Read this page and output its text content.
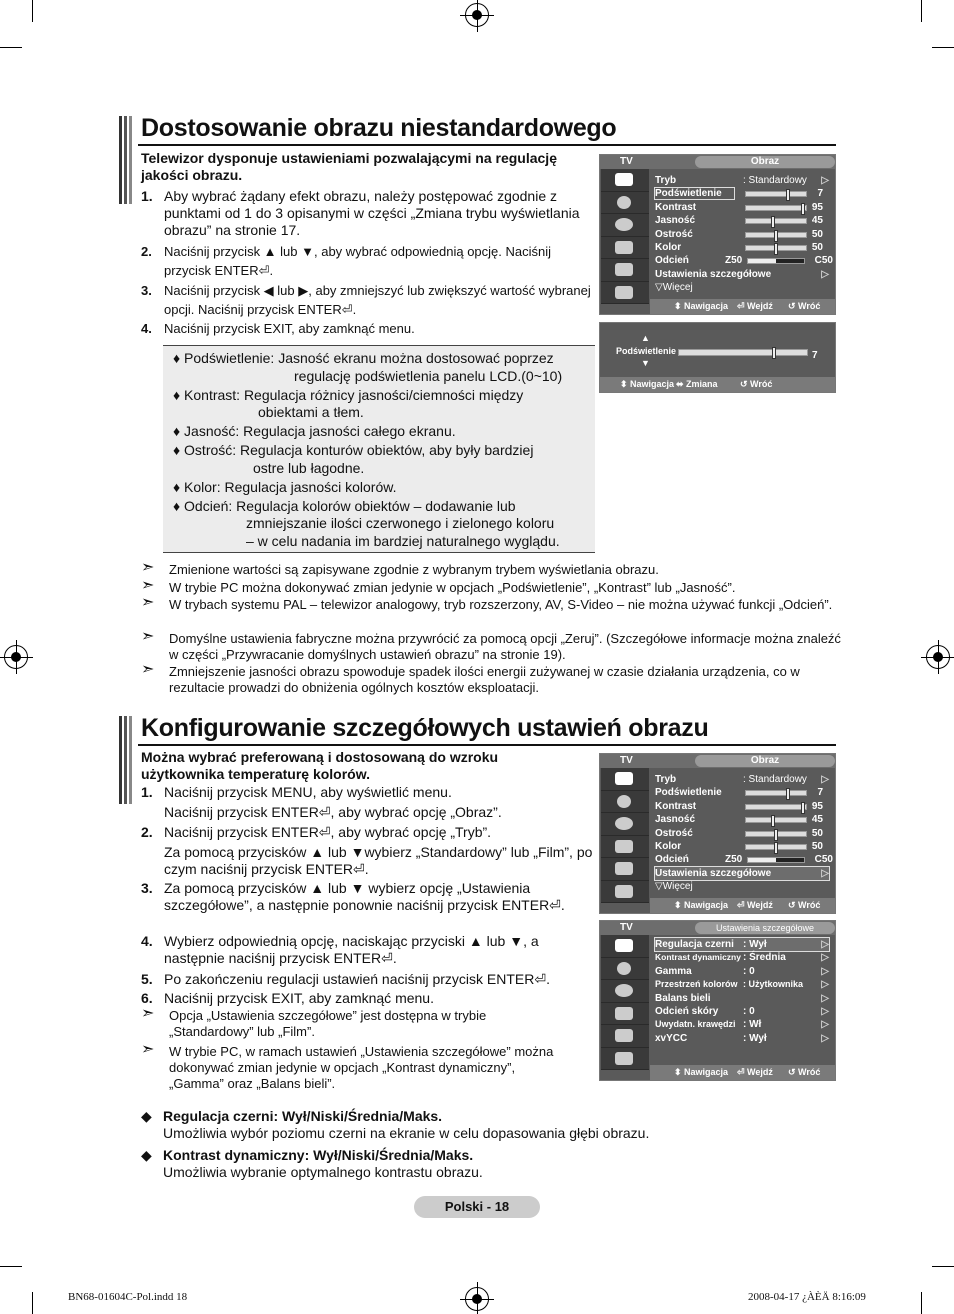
Dostosowanie obrazu niestandardowego
Telewizor dysponuje ustawieniami pozwalającymi na regulację jakości obrazu.
1. Aby wybrać żądany efekt obrazu, należy postępować zgodnie z punktami od 1 do 3 opisanymi w części „Zmiana trybu wyświetlania obrazu” na stronie 17.
2. Naciśnij przycisk ▲ lub ▼, aby wybrać odpowiednią opcję. Naciśnij przycisk ENTER⏎.
3. Naciśnij przycisk ◀ lub ▶, aby zmniejszyć lub zwiększyć wartość wybranej opcji. Naciśnij przycisk ENTER⏎.
4. Naciśnij przycisk EXIT, aby zamknąć menu.
♦ Podświetlenie: Jasność ekranu można dostosować poprzez
regulację podświetlenia panelu LCD.(0~10)
♦ Kontrast: Regulacja różnicy jasności/ciemności między
obiektami a tłem.
♦ Jasność: Regulacja jasności całego ekranu.
♦ Ostrość: Regulacja konturów obiektów, aby były bardziej
ostre lub łagodne.
♦ Kolor: Regulacja jasności kolorów.
♦ Odcień: Regulacja kolorów obiektów – dodawanie lub
zmniejszanie ilości czerwonego i zielonego koloru
– w celu nadania im bardziej naturalnego wyglądu.
➣ Zmienione wartości są zapisywane zgodnie z wybranym trybem wyświetlania obrazu.
➣ W trybie PC można dokonywać zmian jedynie w opcjach „Podświetlenie”, „Kontrast” lub „Jasność”.
➣ W trybach systemu PAL – telewizor analogowy, tryb rozszerzony, AV, S-Video – nie można używać funkcji „Odcień”.
➣ Domyślne ustawienia fabryczne można przywrócić za pomocą opcji „Zeruj”. (Szczegółowe informacje można znaleźć w części „Przywracanie domyślnych ustawień obrazu” na stronie 19).
➣ Zmniejszenie jasności obrazu spowoduje spadek ilości energii zużywanej w czasie działania urządzenia, co w rezultacie prowadzi do obniżenia ogólnych kosztów eksploatacji.
TV	Obraz
Tryb	: Standardowy ▷
Podświetlenie	7
Kontrast	95
Jasność	45
Ostrość	50
Kolor	50
Odcień	Z50	C50
Ustawienia szczegółowe	▷
▽Więcej
⬍ Nawigacja ⏎ Wejdź ↺ Wróć
▲
Podświetlenie	7
▼
⬍ Nawigacja ⬌ Zmiana ↺ Wróć
Konfigurowanie szczegółowych ustawień obrazu
Można wybrać preferowaną i dostosowaną do wzroku użytkownika temperaturę kolorów.
1. Naciśnij przycisk MENU, aby wyświetlić menu.
Naciśnij przycisk ENTER⏎, aby wybrać opcję „Obraz”.
2. Naciśnij przycisk ENTER⏎, aby wybrać opcję „Tryb”.
Za pomocą przycisków ▲ lub ▼wybierz „Standardowy” lub „Film”, po czym naciśnij przycisk ENTER⏎.
3. Za pomocą przycisków ▲ lub ▼ wybierz opcję „Ustawienia szczegółowe”, a następnie ponownie naciśnij przycisk ENTER⏎.
4. Wybierz odpowiednią opcję, naciskając przyciski ▲ lub ▼, a następnie naciśnij przycisk ENTER⏎.
5. Po zakończeniu regulacji ustawień naciśnij przycisk ENTER⏎.
6. Naciśnij przycisk EXIT, aby zamknąć menu.
➣ Opcja „Ustawienia szczegółowe” jest dostępna w trybie „Standardowy” lub „Film”.
➣ W trybie PC, w ramach ustawień „Ustawienia szczegółowe” można dokonywać zmian jedynie w opcjach „Kontrast dynamiczny”, „Gamma” oraz „Balans bieli”.
TV	Obraz
Tryb	: Standardowy ▷
Podświetlenie	7
Kontrast	95
Jasność	45
Ostrość	50
Kolor	50
Odcień	Z50	C50
Ustawienia szczegółowe	▷
▽Więcej
⬍ Nawigacja ⏎ Wejdź ↺ Wróć
TV	Ustawienia szczegółowe
Regulacja czerni : Wył	▷
Kontrast dynamiczny : Średnia	▷
Gamma	: 0	▷
Przestrzeń kolorów : Użytkownika ▷
Balans bieli	▷
Odcień skóry : 0	▷
Uwydatn. krawędzi : Wł	▷
xvYCC	: Wył	▷
⬍ Nawigacja ⏎ Wejdź ↺ Wróć
◆ Regulacja czerni: Wył/Niski/Średnia/Maks.
Umożliwia wybór poziomu czerni na ekranie w celu dopasowania głębi obrazu.
◆ Kontrast dynamiczny: Wył/Niski/Średnia/Maks.
Umożliwia wybranie optymalnego kontrastu obrazu.
Polski - 18
BN68-01604C-Pol.indd 18	2008-04-17 ¿ÀÈÄ 8:16:09
